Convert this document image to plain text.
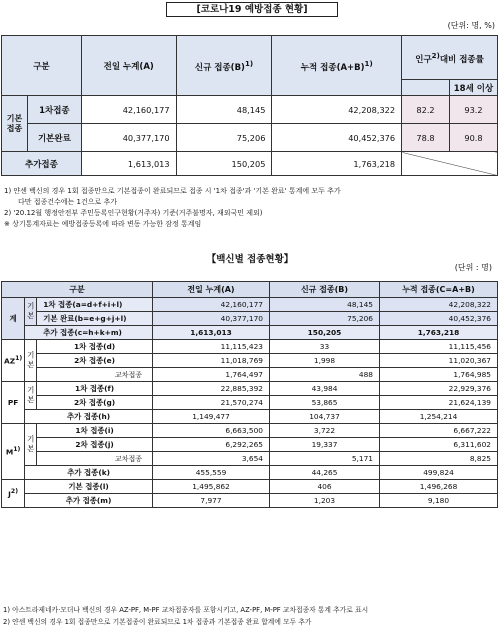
[코로나19 예방접종 현황]
(단위: 명, %)
구분		전일 누계(A)	신규 접종$(B)^{1)}$	누적 접종$(A+B)^{1)}$	인구$^{2)}$대비 접종률	
						18세 이상
기본
접종	1차접종	42,160,177	48,145	42,208,322	82.2	93.2
	기본완료	40,377,170	75,206	40,452,376	78.8	90.8
추가접종		1,613,013	150,205	1,763,218		
1) 얀센 백신의 경우 1회 접종만으로 기본접종이 완료되므로 접종 시 '1차 접종'과 '기본 완료' 통계에 모두 추가
다만 접종건수에는 1건으로 추가
2) '20.12월 행정안전부 주민등록인구현황(거주자) 기준(거주불명자, 재외국민 제외)
※ 상기통계자료는 예방접종등록에 따라 변동 가능한 잠정 통계임
【백신별 접종현황】
(단위 : 명)
구분			전일 누계(A)	신규 접종(B)	누적 접종(C=A+B)
계	기본	1차 접종(a=d+f+i+l)	42,160,177	48,145	42,208,322
		기본 완료(b=e+g+j+l)	40,377,170	75,206	40,452,376
	추가 접종(c=h+k+m)		1,613,013	150,205	1,763,218
AZ$^{1)}$	기본	1차 접종(d)	11,115,423	33	11,115,456
		2차 접종(e)	11,018,769	1,998	11,020,367

		교차접종	1,764,497	488	1,764,985
PF	기본	1차 접종(f)	22,885,392	43,984	22,929,376
		2차 접종(g)	21,570,274	53,865	21,624,139
	추가 접종(h)		1,149,477	104,737	1,254,214
$M^{1)}$	기본	1차 접종(i)	6,663,500	3,722	6,667,222
		2차 접종(j)	6,292,265	19,337	6,311,602

		교차접종	3,654	5,171	8,825
	추가 접종(k)		455,559	44,265	499,824
$J^{2)}$	기본 접종(l)		1,495,862	406	1,496,268
	추가 접종(m)		7,977	1,203	9,180
1) 아스트라제네카·모더나 백신의 경우 AZ-PF, M-PF 교차접종자를 포함시키고, AZ-PF, M-PF 교차접종자 통계 추가로 표시
2) 얀센 백신의 경우 1회 접종만으로 기본접종이 완료되므로 1차 접종과 기본접종 완료 합계에 모두 추가
